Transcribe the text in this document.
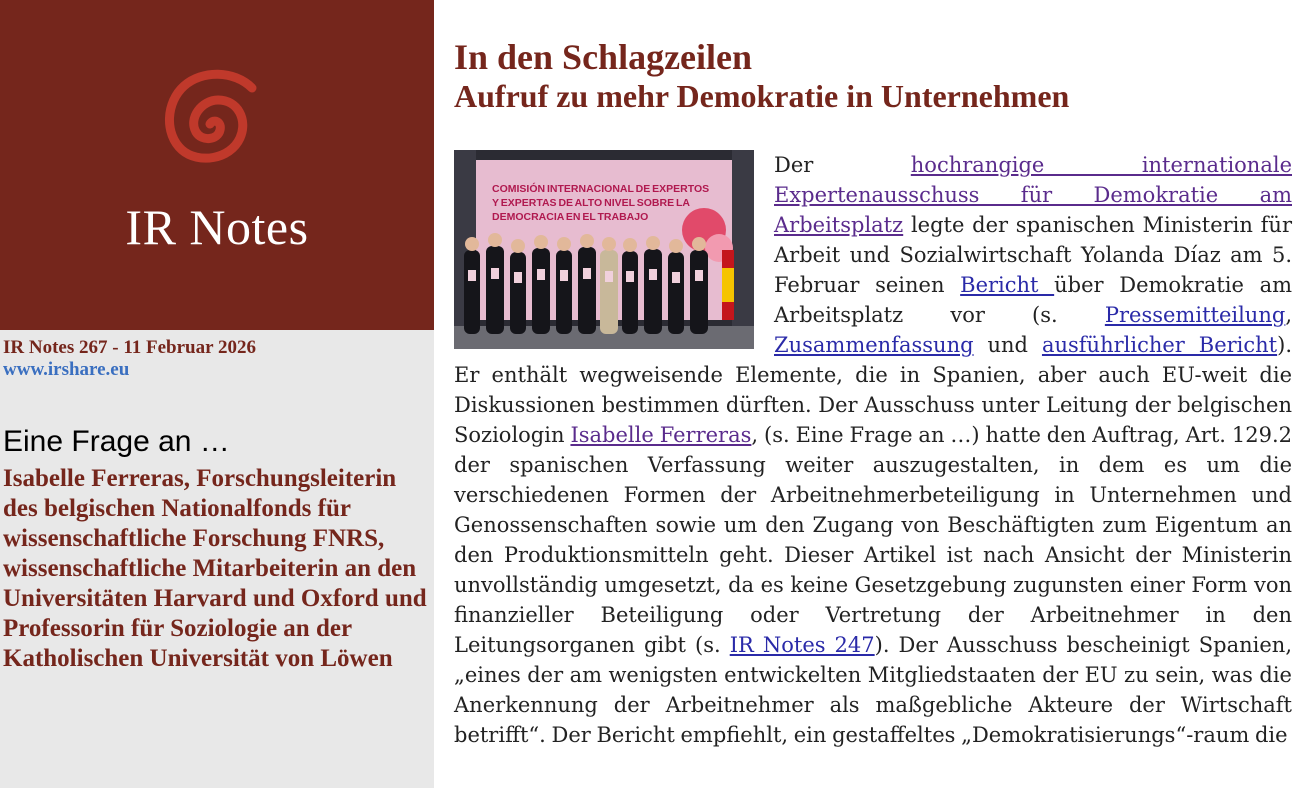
IR Notes
IR Notes 267 - 11 Februar 2026
www.irshare.eu
Eine Frage an …
Isabelle Ferreras, Forschungsleiterin des belgischen Nationalfonds für wissenschaftliche Forschung FNRS, wissenschaftliche Mitarbeiterin an den Universitäten Harvard und Oxford und Professorin für Soziologie an der Katholischen Universität von Löwen
In den Schlagzeilen
Aufruf zu mehr Demokratie in Unternehmen
COMISIÓN INTERNACIONAL DE EXPERTOS
Y EXPERTAS DE ALTO NIVEL SOBRE LA
DEMOCRACIA EN EL TRABAJO

Der hochrangige internationale Expertenausschuss für Demokratie am Arbeitsplatz legte der spanischen Ministerin für Arbeit und Sozialwirtschaft Yolanda Díaz am 5. Februar seinen Bericht über Demokratie am Arbeitsplatz vor (s. Pressemitteilung, Zusammenfassung und ausführlicher Bericht). Er enthält wegweisende Elemente, die in Spanien, aber auch EU-weit die Diskussionen bestimmen dürften. Der Ausschuss unter Leitung der belgischen Soziologin Isabelle Ferreras, (s. Eine Frage an …) hatte den Auftrag, Art. 129.2 der spanischen Verfassung weiter auszugestalten, in dem es um die verschiedenen Formen der Arbeitnehmerbeteiligung in Unternehmen und Genossenschaften sowie um den Zugang von Beschäftigten zum Eigentum an den Produktionsmitteln geht. Dieser Artikel ist nach Ansicht der Ministerin unvollständig umgesetzt, da es keine Gesetzgebung zugunsten einer Form von finanzieller Beteiligung oder Vertretung der Arbeitnehmer in den Leitungsorganen gibt (s. IR Notes 247). Der Ausschuss bescheinigt Spanien, „eines der am wenigsten entwickelten Mitgliedstaaten der EU zu sein, was die Anerkennung der Arbeitnehmer als maßgebliche Akteure der Wirtschaft betrifft“. Der Bericht empfiehlt, ein gestaffeltes „Demokratisierungs“-raum die
